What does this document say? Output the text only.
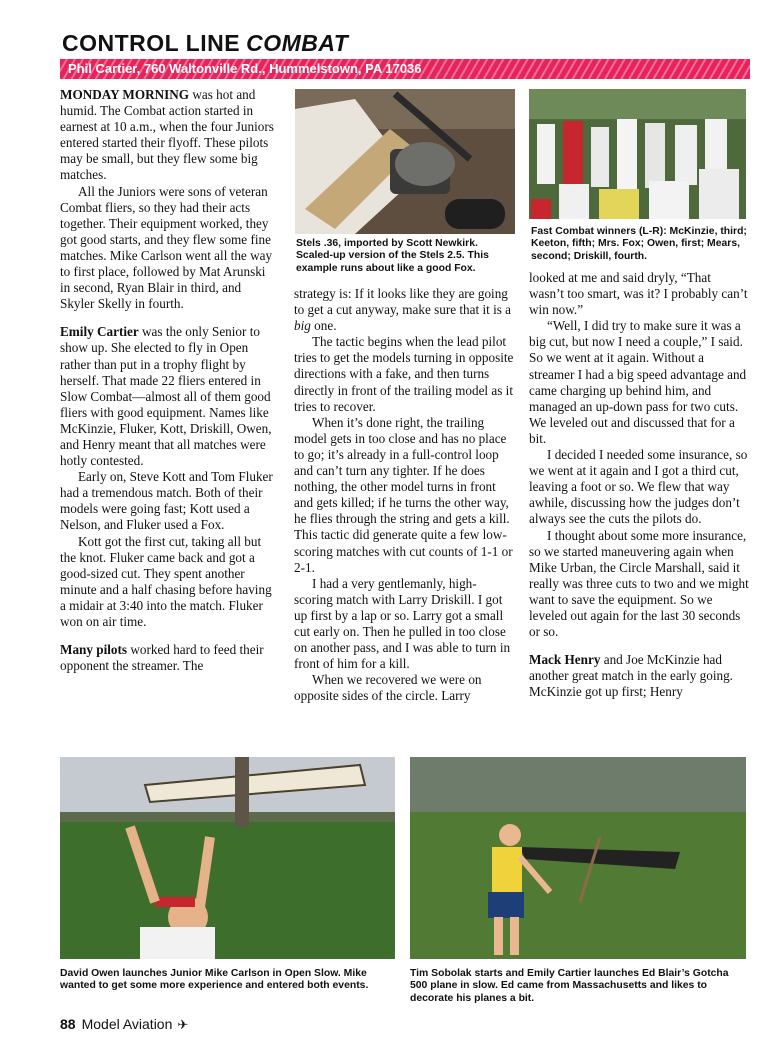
CONTROL LINE COMBAT
Phil Cartier, 760 Waltonville Rd., Hummelstown, PA 17036

MONDAY MORNING was hot and humid. The Combat action started in earnest at 10 a.m., when the four Juniors entered started their flyoff. These pilots may be small, but they flew some big matches.

All the Juniors were sons of veteran Combat fliers, so they had their acts together. Their equipment worked, they got good starts, and they flew some fine matches. Mike Carlson went all the way to first place, followed by Mat Arunski in second, Ryan Blair in third, and Skyler Skelly in fourth.

Emily Cartier was the only Senior to show up. She elected to fly in Open rather than put in a trophy flight by herself. That made 22 fliers entered in Slow Combat—almost all of them good fliers with good equipment. Names like McKinzie, Fluker, Kott, Driskill, Owen, and Henry meant that all matches were hotly contested.

Early on, Steve Kott and Tom Fluker had a tremendous match. Both of their models were going fast; Kott used a Nelson, and Fluker used a Fox.

Kott got the first cut, taking all but the knot. Fluker came back and got a good-sized cut. They spent another minute and a half chasing before having a midair at 3:40 into the match. Fluker won on air time.

Many pilots worked hard to feed their opponent the streamer. The

Stels .36, imported by Scott Newkirk. Scaled-up version of the Stels 2.5. This example runs about like a good Fox.
Fast Combat winners (L-R): McKinzie, third; Keeton, fifth; Mrs. Fox; Owen, first; Mears, second; Driskill, fourth.

strategy is: If it looks like they are going to get a cut anyway, make sure that it is a big one.

The tactic begins when the lead pilot tries to get the models turning in opposite directions with a fake, and then turns directly in front of the trailing model as it tries to recover.

When it’s done right, the trailing model gets in too close and has no place to go; it’s already in a full-control loop and can’t turn any tighter. If he does nothing, the other model turns in front and gets killed; if he turns the other way, he flies through the string and gets a kill. This tactic did generate quite a few low-scoring matches with cut counts of 1-1 or 2-1.

I had a very gentlemanly, high-scoring match with Larry Driskill. I got up first by a lap or so. Larry got a small cut early on. Then he pulled in too close on another pass, and I was able to turn in front of him for a kill.

When we recovered we were on opposite sides of the circle. Larry

looked at me and said dryly, “That wasn’t too smart, was it? I probably can’t win now.”

“Well, I did try to make sure it was a big cut, but now I need a couple,” I said. So we went at it again. Without a streamer I had a big speed advantage and came charging up behind him, and managed an up-down pass for two cuts. We leveled out and discussed that for a bit.

I decided I needed some insurance, so we went at it again and I got a third cut, leaving a foot or so. We flew that way awhile, discussing how the judges don’t always see the cuts the pilots do.

I thought about some more insurance, so we started maneuvering again when Mike Urban, the Circle Marshall, said it really was three cuts to two and we might want to save the equipment. So we leveled out again for the last 30 seconds or so.

Mack Henry and Joe McKinzie had another great match in the early going. McKinzie got up first; Henry

David Owen launches Junior Mike Carlson in Open Slow. Mike wanted to get some more experience and entered both events.
Tim Sobolak starts and Emily Cartier launches Ed Blair’s Gotcha 500 plane in slow. Ed came from Massachusetts and likes to decorate his planes a bit.
88 Model Aviation ✈
